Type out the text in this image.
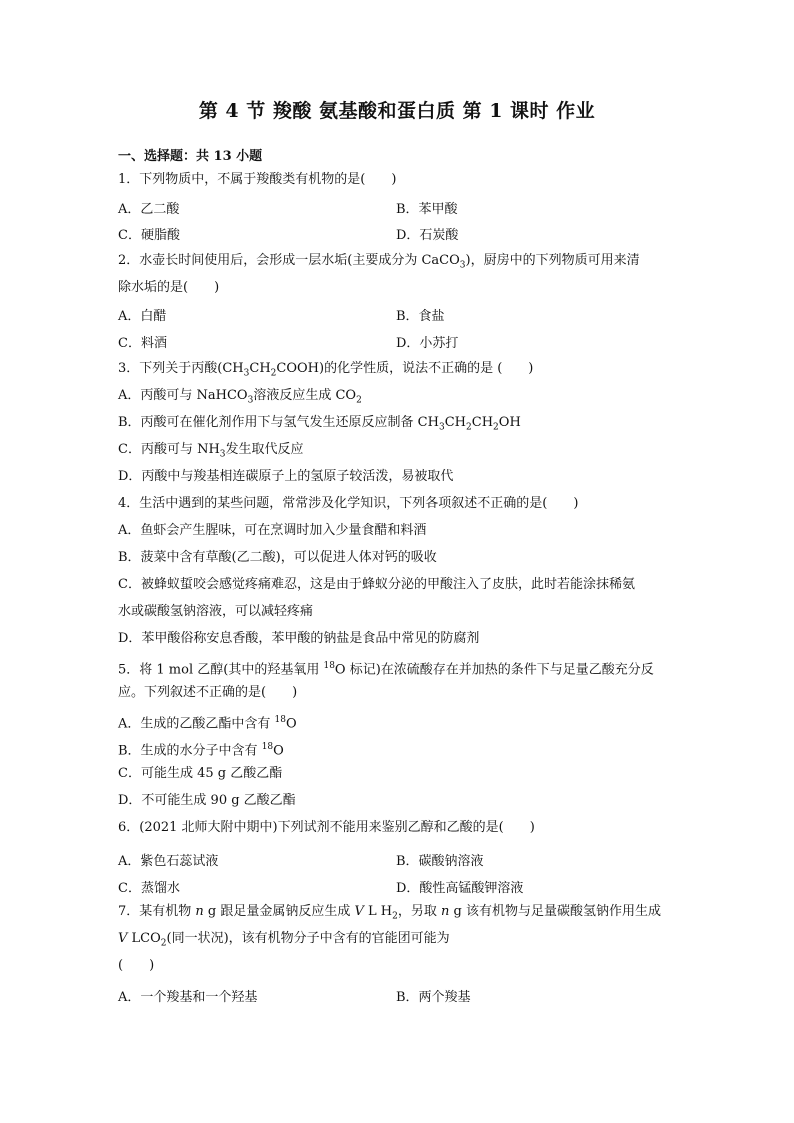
第 4 节 羧酸 氨基酸和蛋白质 第 1 课时 作业
一、选择题：共 13 小题
1．下列物质中，不属于羧酸类有机物的是(　　)
A．乙二酸	B．苯甲酸
C．硬脂酸	D．石炭酸
2．水壶长时间使用后，会形成一层水垢(主要成分为 CaCO$_3$)，厨房中的下列物质可用来清
除水垢的是(　　)
A．白醋	B．食盐
C．料酒	D．小苏打
3．下列关于丙酸$(CH_3CH_2COOH)$的化学性质，说法不正确的是 (　　)
A．丙酸可与 NaHCO$_3$溶液反应生成 $CO_2$
B．丙酸可在催化剂作用下与氢气发生还原反应制备 $CH_3CH_2CH_2OH$
C．丙酸可与 $NH_3$发生取代反应
D．丙酸中与羧基相连碳原子上的氢原子较活泼，易被取代
4．生活中遇到的某些问题，常常涉及化学知识，下列各项叙述不正确的是(　　)
A．鱼虾会产生腥味，可在烹调时加入少量食醋和料酒
B．菠菜中含有草酸(乙二酸)，可以促进人体对钙的吸收
C．被蜂蚁蜇咬会感觉疼痛难忍，这是由于蜂蚁分泌的甲酸注入了皮肤，此时若能涂抹稀氨
水或碳酸氢钠溶液，可以减轻疼痛
D．苯甲酸俗称安息香酸，苯甲酸的钠盐是食品中常见的防腐剂
5．将 1 mol 乙醇(其中的羟基氧用 $^{18}$O 标记)在浓硫酸存在并加热的条件下与足量乙酸充分反
应。下列叙述不正确的是(　　)
A．生成的乙酸乙酯中含有 $^{18}$O
B．生成的水分子中含有 $^{18}$O
C．可能生成 45 g 乙酸乙酯
D．不可能生成 90 g 乙酸乙酯
6．(2021 北师大附中期中)下列试剂不能用来鉴别乙醇和乙酸的是(　　)
A．紫色石蕊试液	B．碳酸钠溶液
C．蒸馏水	D．酸性高锰酸钾溶液
7．某有机物 n g 跟足量金属钠反应生成 V L $H_2$，另取 n g 该有机物与足量碳酸氢钠作用生成
V $LCO_2$(同一状况)，该有机物分子中含有的官能团可能为
(　　)
A．一个羧基和一个羟基	B．两个羧基
